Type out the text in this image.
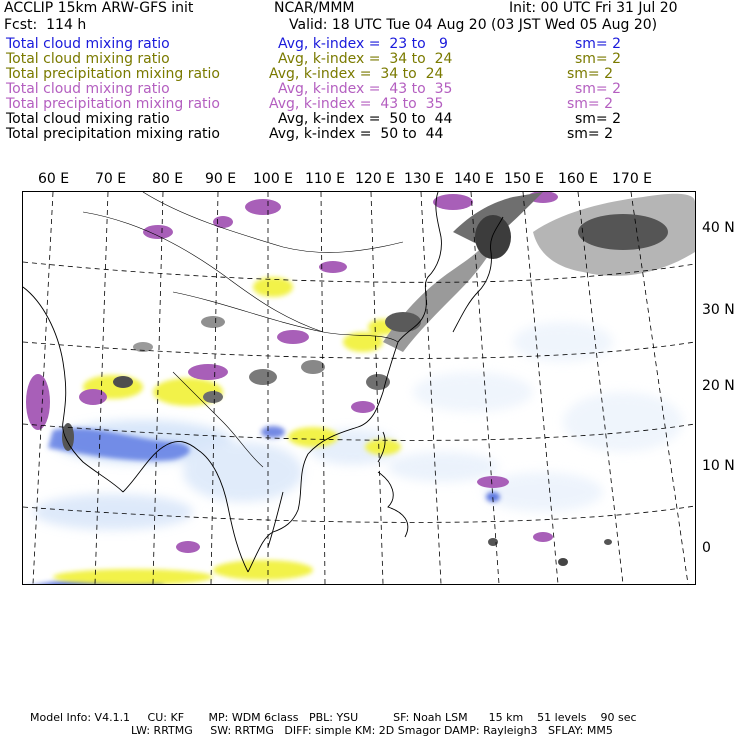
ACCLIP 15km ARW-GFS init	NCAR/MMM	Init: 00 UTC Fri 31 Jul 20
Fcst:  114 h	Valid: 18 UTC Tue 04 Aug 20 (03 JST Wed 05 Aug 20)
Total cloud mixing ratio	Avg, k-index =  23 to   9	sm= 2
Total cloud mixing ratio	Avg, k-index =  34 to  24	sm= 2
Total precipitation mixing ratio	Avg, k-index =  34 to  24	sm= 2
Total cloud mixing ratio	Avg, k-index =  43 to  35	sm= 2
Total precipitation mixing ratio	Avg, k-index =  43 to  35	sm= 2
Total cloud mixing ratio	Avg, k-index =  50 to  44	sm= 2
Total precipitation mixing ratio	Avg, k-index =  50 to  44	sm= 2
60 E 70 E 80 E 90 E 100 E 110 E 120 E 130 E 140 E 150 E 160 E 170 E
40 N
30 N
20 N
10 N
0
Model Info: V4.1.1     CU: KF       MP: WDM 6class   PBL: YSU          SF: Noah LSM      15 km    51 levels    90 sec
LW: RRTMG     SW: RRTMG   DIFF: simple KM: 2D Smagor DAMP: Rayleigh3   SFLAY: MM5
